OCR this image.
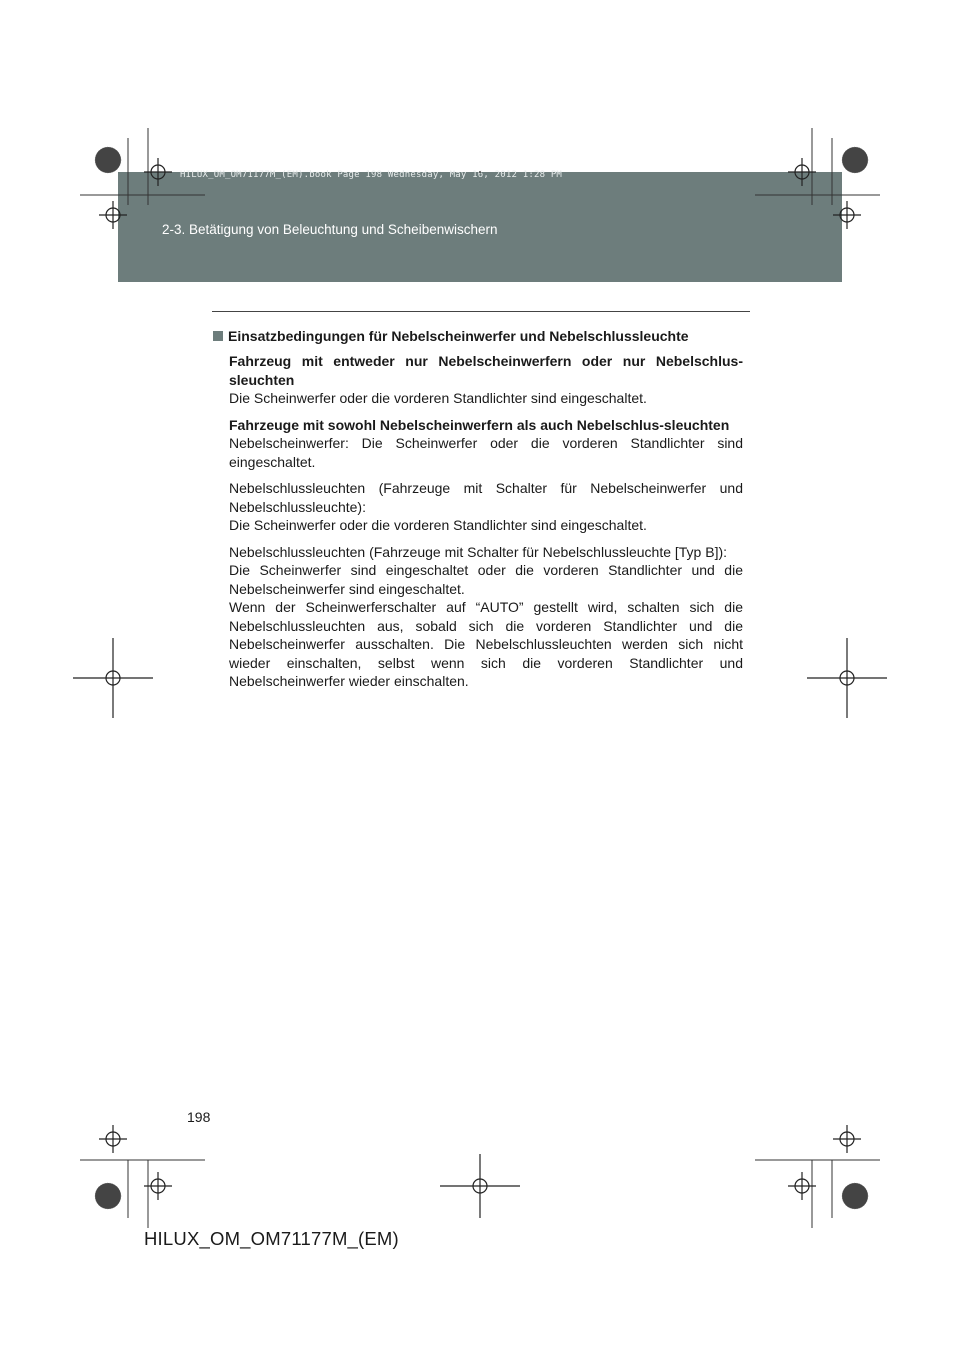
HILUX_OM_OM71177M_(EM).book Page 198 Wednesday, May 16, 2012 1:28 PM
2-3. Betätigung von Beleuchtung und Scheibenwischern
Einsatzbedingungen für Nebelscheinwerfer und Nebelschlussleuchte

Fahrzeug mit entweder nur Nebelscheinwerfern oder nur Nebelschlus-sleuchten
Die Scheinwerfer oder die vorderen Standlichter sind eingeschaltet.

Fahrzeuge mit sowohl Nebelscheinwerfern als auch Nebelschlus-sleuchten
Nebelscheinwerfer: Die Scheinwerfer oder die vorderen Standlichter sind eingeschaltet.

Nebelschlussleuchten (Fahrzeuge mit Schalter für Nebelscheinwerfer und Nebelschlussleuchte):
Die Scheinwerfer oder die vorderen Standlichter sind eingeschaltet.

Nebelschlussleuchten (Fahrzeuge mit Schalter für Nebelschlussleuchte [Typ B]):
Die Scheinwerfer sind eingeschaltet oder die vorderen Standlichter und die Nebelscheinwerfer sind eingeschaltet.
Wenn der Scheinwerferschalter auf “AUTO” gestellt wird, schalten sich die Nebelschlussleuchten aus, sobald sich die vorderen Standlichter und die Nebelscheinwerfer ausschalten. Die Nebelschlussleuchten werden sich nicht wieder einschalten, selbst wenn sich die vorderen Standlichter und Nebelscheinwerfer wieder einschalten.

198
HILUX_OM_OM71177M_(EM)
